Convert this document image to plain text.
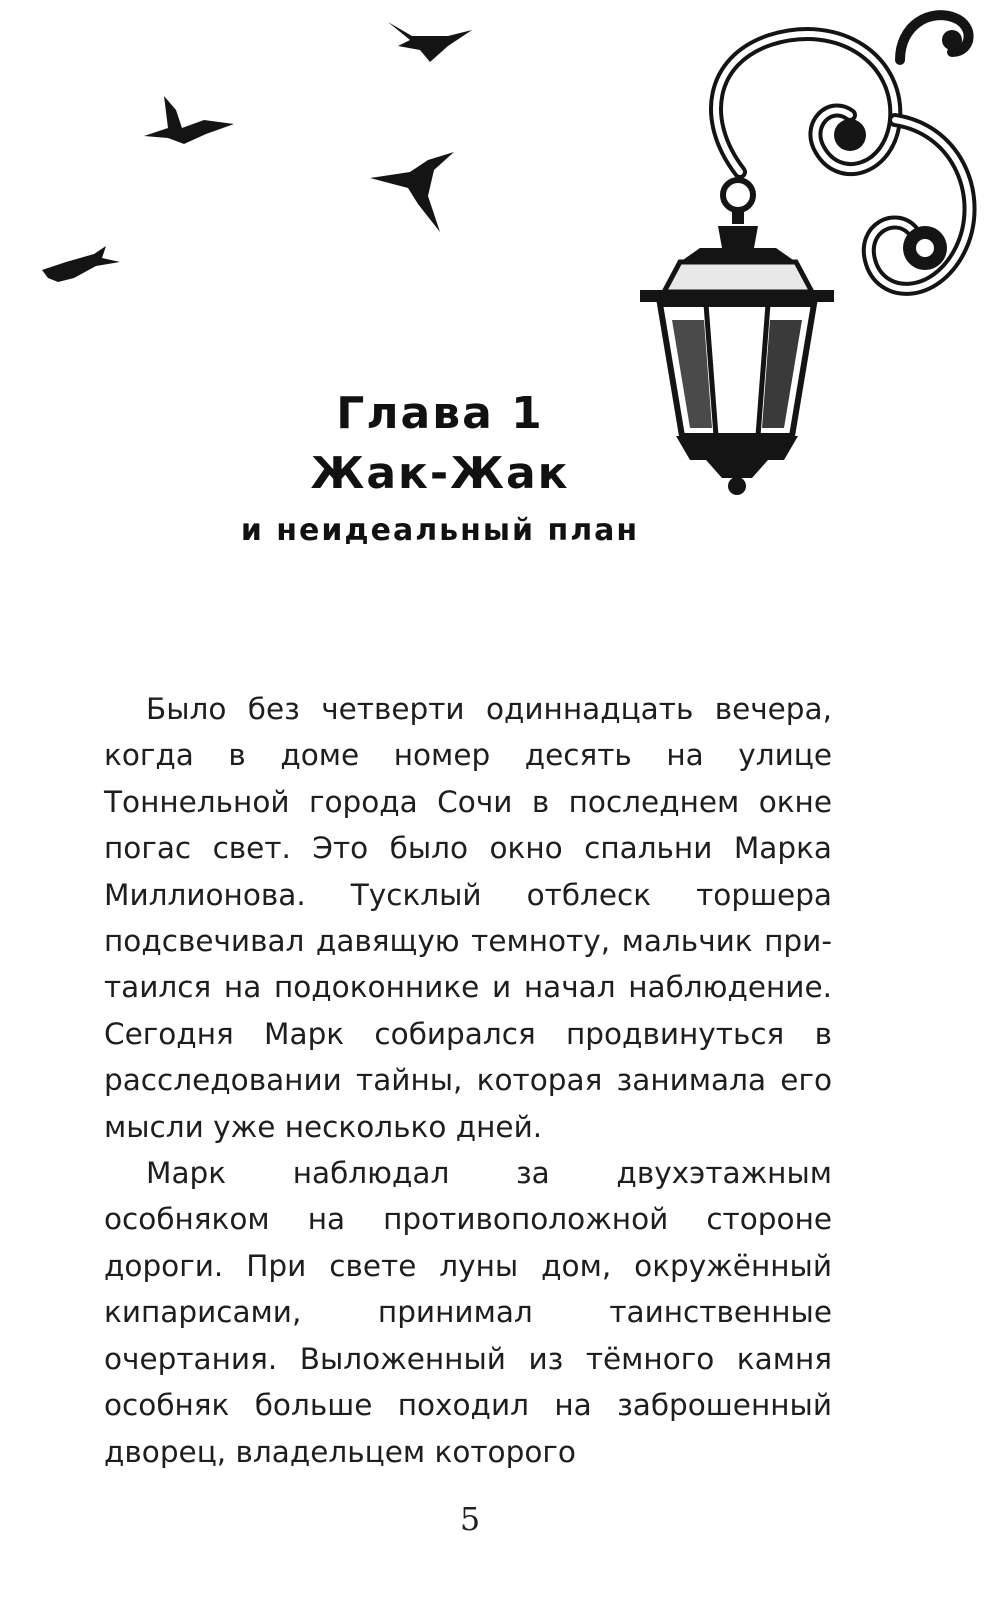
Глава 1
Жак-Жак
и неидеальный план

Было без четверти одиннадцать вечера, когда в доме номер десять на улице Тоннельной города Сочи в последнем окне погас свет. Это было окно спальни Марка Миллионова. Тусклый отблеск торшера подсвечивал давящую темноту, мальчик притаился на подоконнике и начал наблюдение. Сегодня Марк собирался продвинуться в расследовании тайны, которая занимала его мысли уже несколько дней.

Марк наблюдал за двухэтажным особняком на противоположной стороне дороги. При свете луны дом, окружённый кипарисами, принимал таинственные очертания. Выложенный из тёмного камня особняк больше походил на заброшенный дворец, владельцем которого

5
